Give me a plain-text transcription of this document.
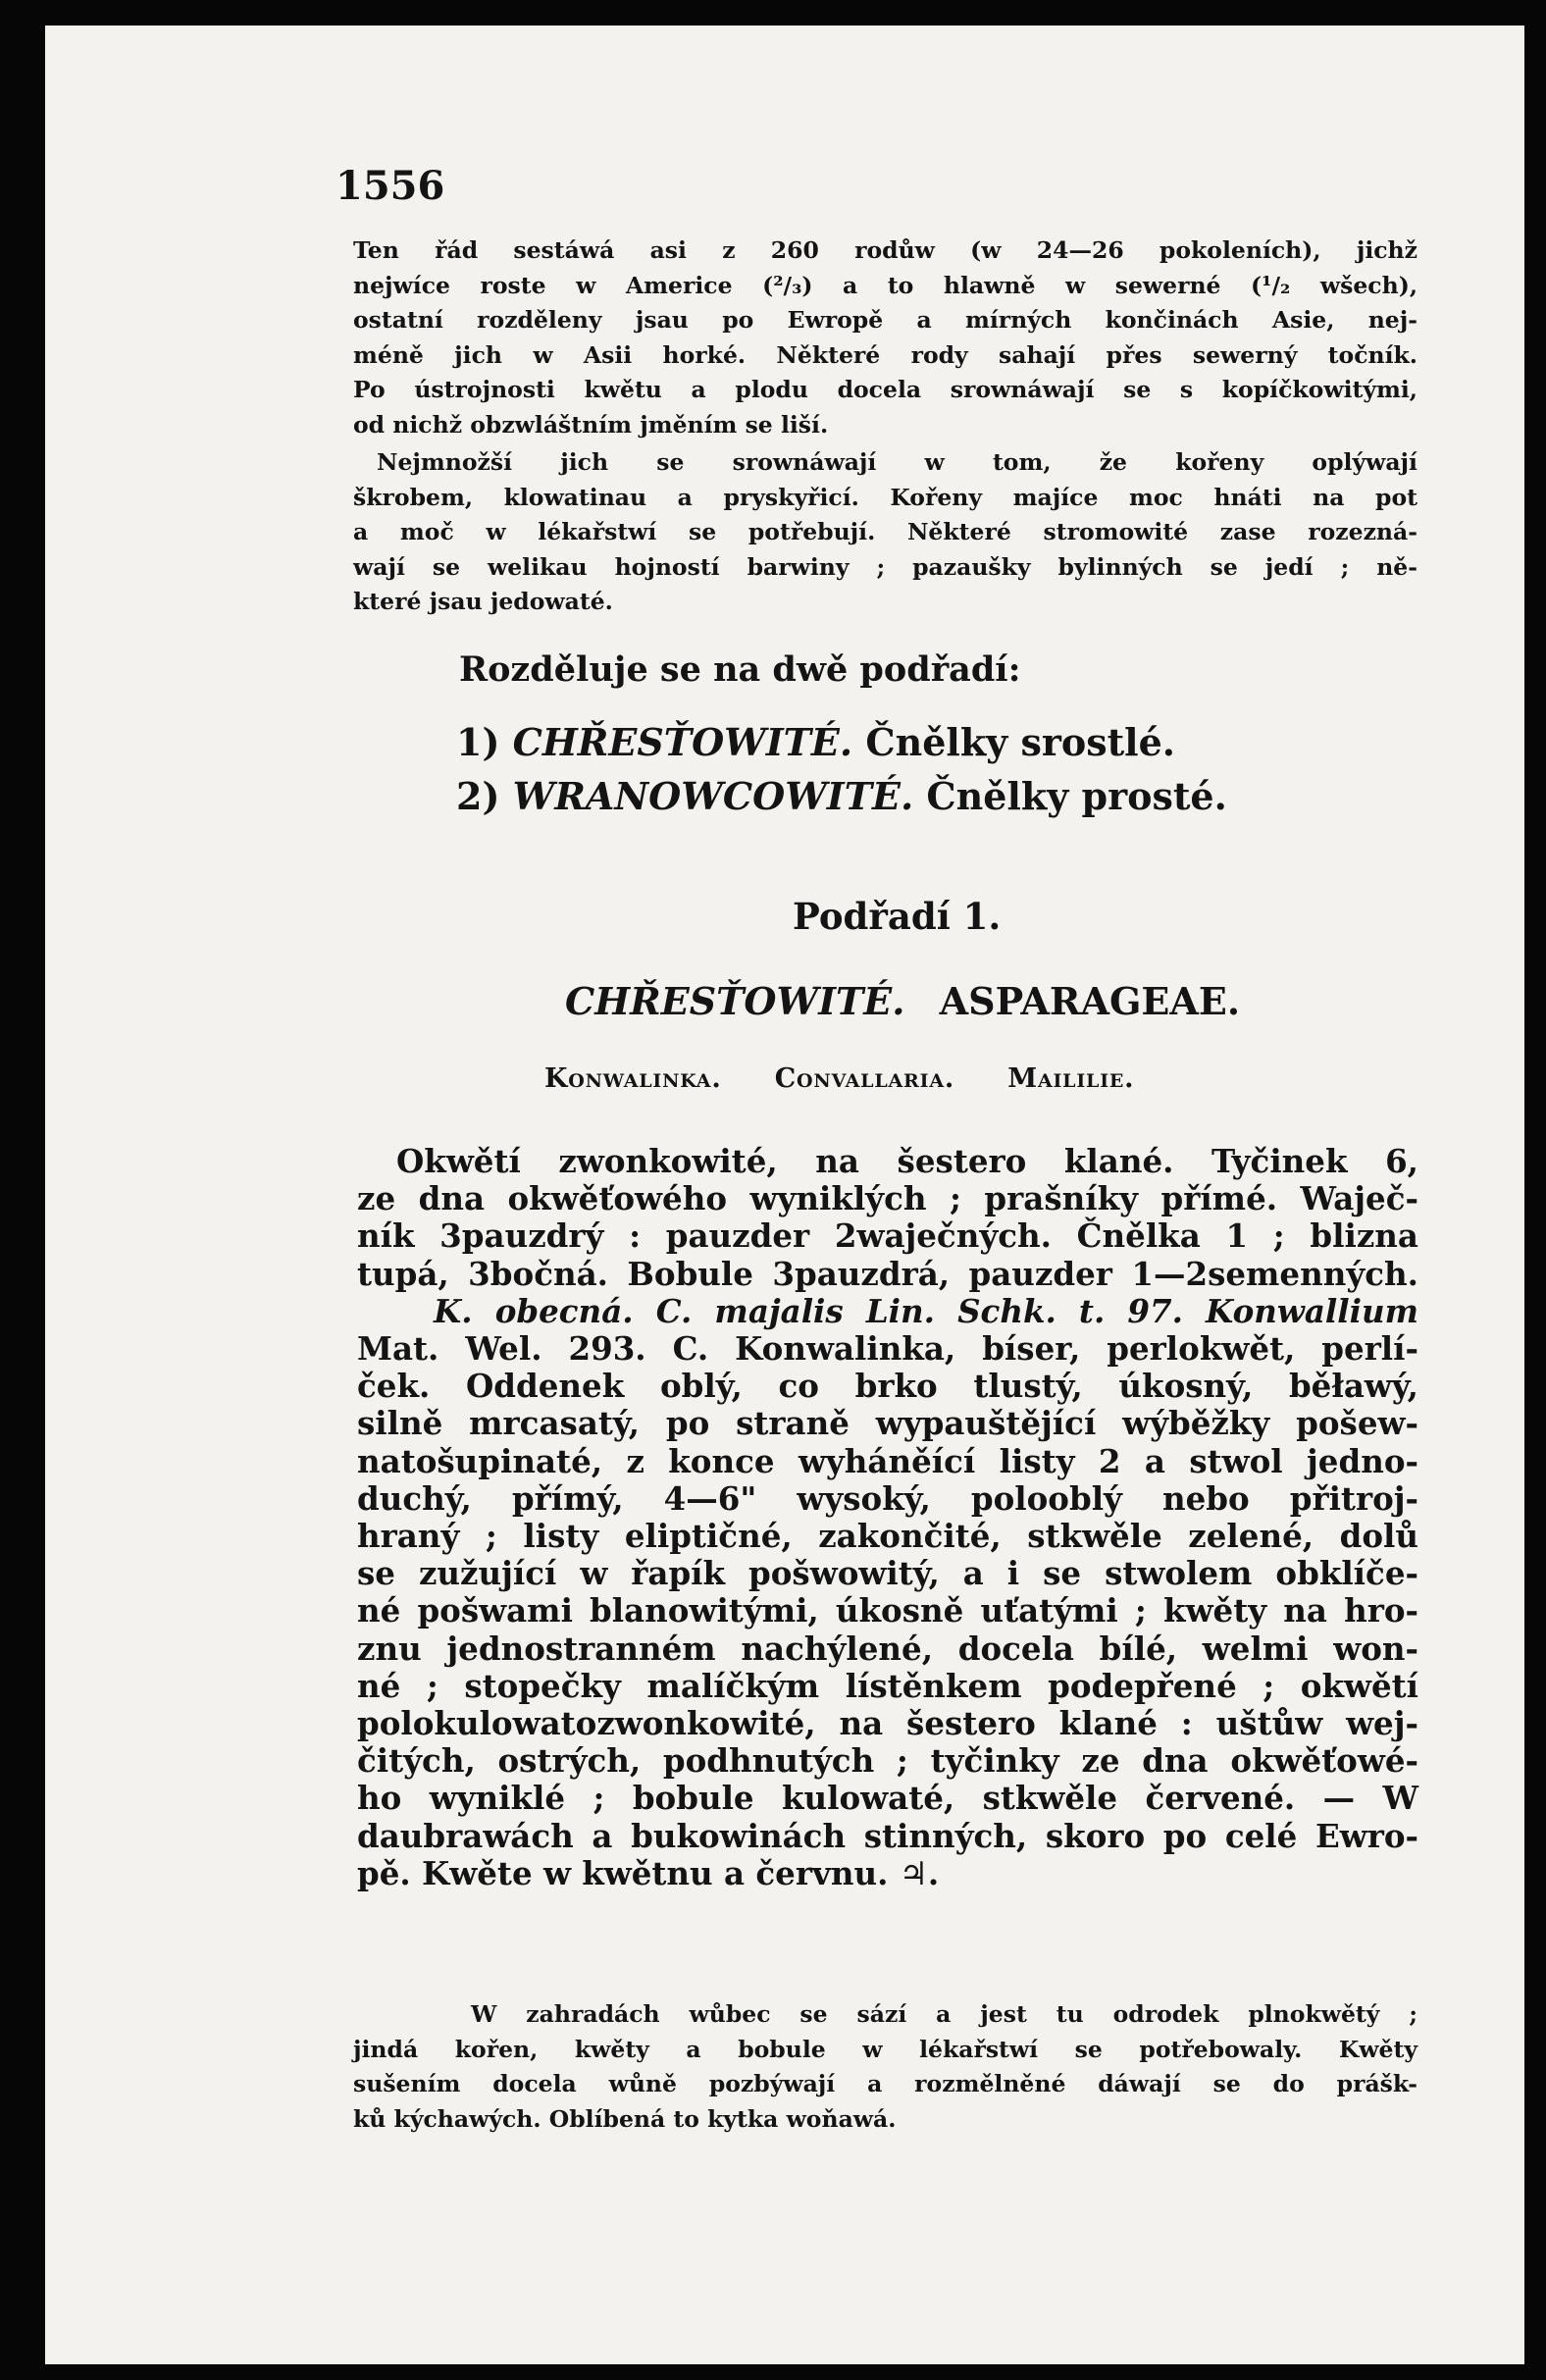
1556
Ten řád sestáwá asi z 260 rodůw (w 24—26 pokoleních), jichž
nejwíce roste w Americe (²/₃) a to hlawně w sewerné (¹/₂ wšech),
ostatní rozděleny jsau po Ewropě a mírných končinách Asie, nej-
méně jich w Asii horké. Některé rody sahají přes sewerný točník.
Po ústrojnosti kwětu a plodu docela srownáwají se s kopíčkowitými,
od nichž obzwláštním jměním se liší.
Nejmnožší jich se srownáwají w tom, že kořeny oplýwají
škrobem, klowatinau a pryskyřicí. Kořeny majíce moc hnáti na pot
a moč w lékařstwí se potřebují. Některé stromowité zase rozezná-
wají se welikau hojností barwiny ; pazaušky bylinných se jedí ; ně-
které jsau jedowaté.
Rozděluje se na dwě podřadí:
1) CHŘESŤOWITÉ. Čnělky srostlé.
2) WRANOWCOWITÉ. Čnělky prosté.
Podřadí 1.
CHŘESŤOWITÉ. ASPARAGEAE.
Konwalinka. Convallaria. Maililie.
Okwětí zwonkowité, na šestero klané. Tyčinek 6,
ze dna okwěťowého wyniklých ; prašníky přímé. Waječ-
ník 3pauzdrý : pauzder 2waječných. Čnělka 1 ; blizna
tupá, 3bočná. Bobule 3pauzdrá, pauzder 1—2semenných.
K. obecná. C. majalis Lin. Schk. t. 97. Konwallium
Mat. Wel. 293. C. Konwalinka, bíser, perlokwět, perlí-
ček. Oddenek oblý, co brko tlustý, úkosný, běławý,
silně mrcasatý, po straně wypauštějící wýběžky pošew-
natošupinaté, z konce wyháněící listy 2 a stwol jedno-
duchý, přímý, 4—6" wysoký, polooblý nebo přitroj-
hraný ; listy eliptičné, zakončité, stkwěle zelené, dolů
se zužující w řapík pošwowitý, a i se stwolem obklíče-
né pošwami blanowitými, úkosně uťatými ; kwěty na hro-
znu jednostranném nachýlené, docela bílé, welmi won-
né ; stopečky malíčkým lístěnkem podepřené ; okwětí
polokulowatozwonkowité, na šestero klané : uštůw wej-
čitých, ostrých, podhnutých ; tyčinky ze dna okwěťowé-
ho wyniklé ; bobule kulowaté, stkwěle červené. — W
daubrawách a bukowinách stinných, skoro po celé Ewro-
pě. Kwěte w kwětnu a červnu. ♃.
W zahradách wůbec se sází a jest tu odrodek plnokwětý ;
jindá kořen, kwěty a bobule w lékařstwí se potřebowaly. Kwěty
sušením docela wůně pozbýwají a rozmělněné dáwají se do prášk-
ků kýchawých. Oblíbená to kytka woňawá.
